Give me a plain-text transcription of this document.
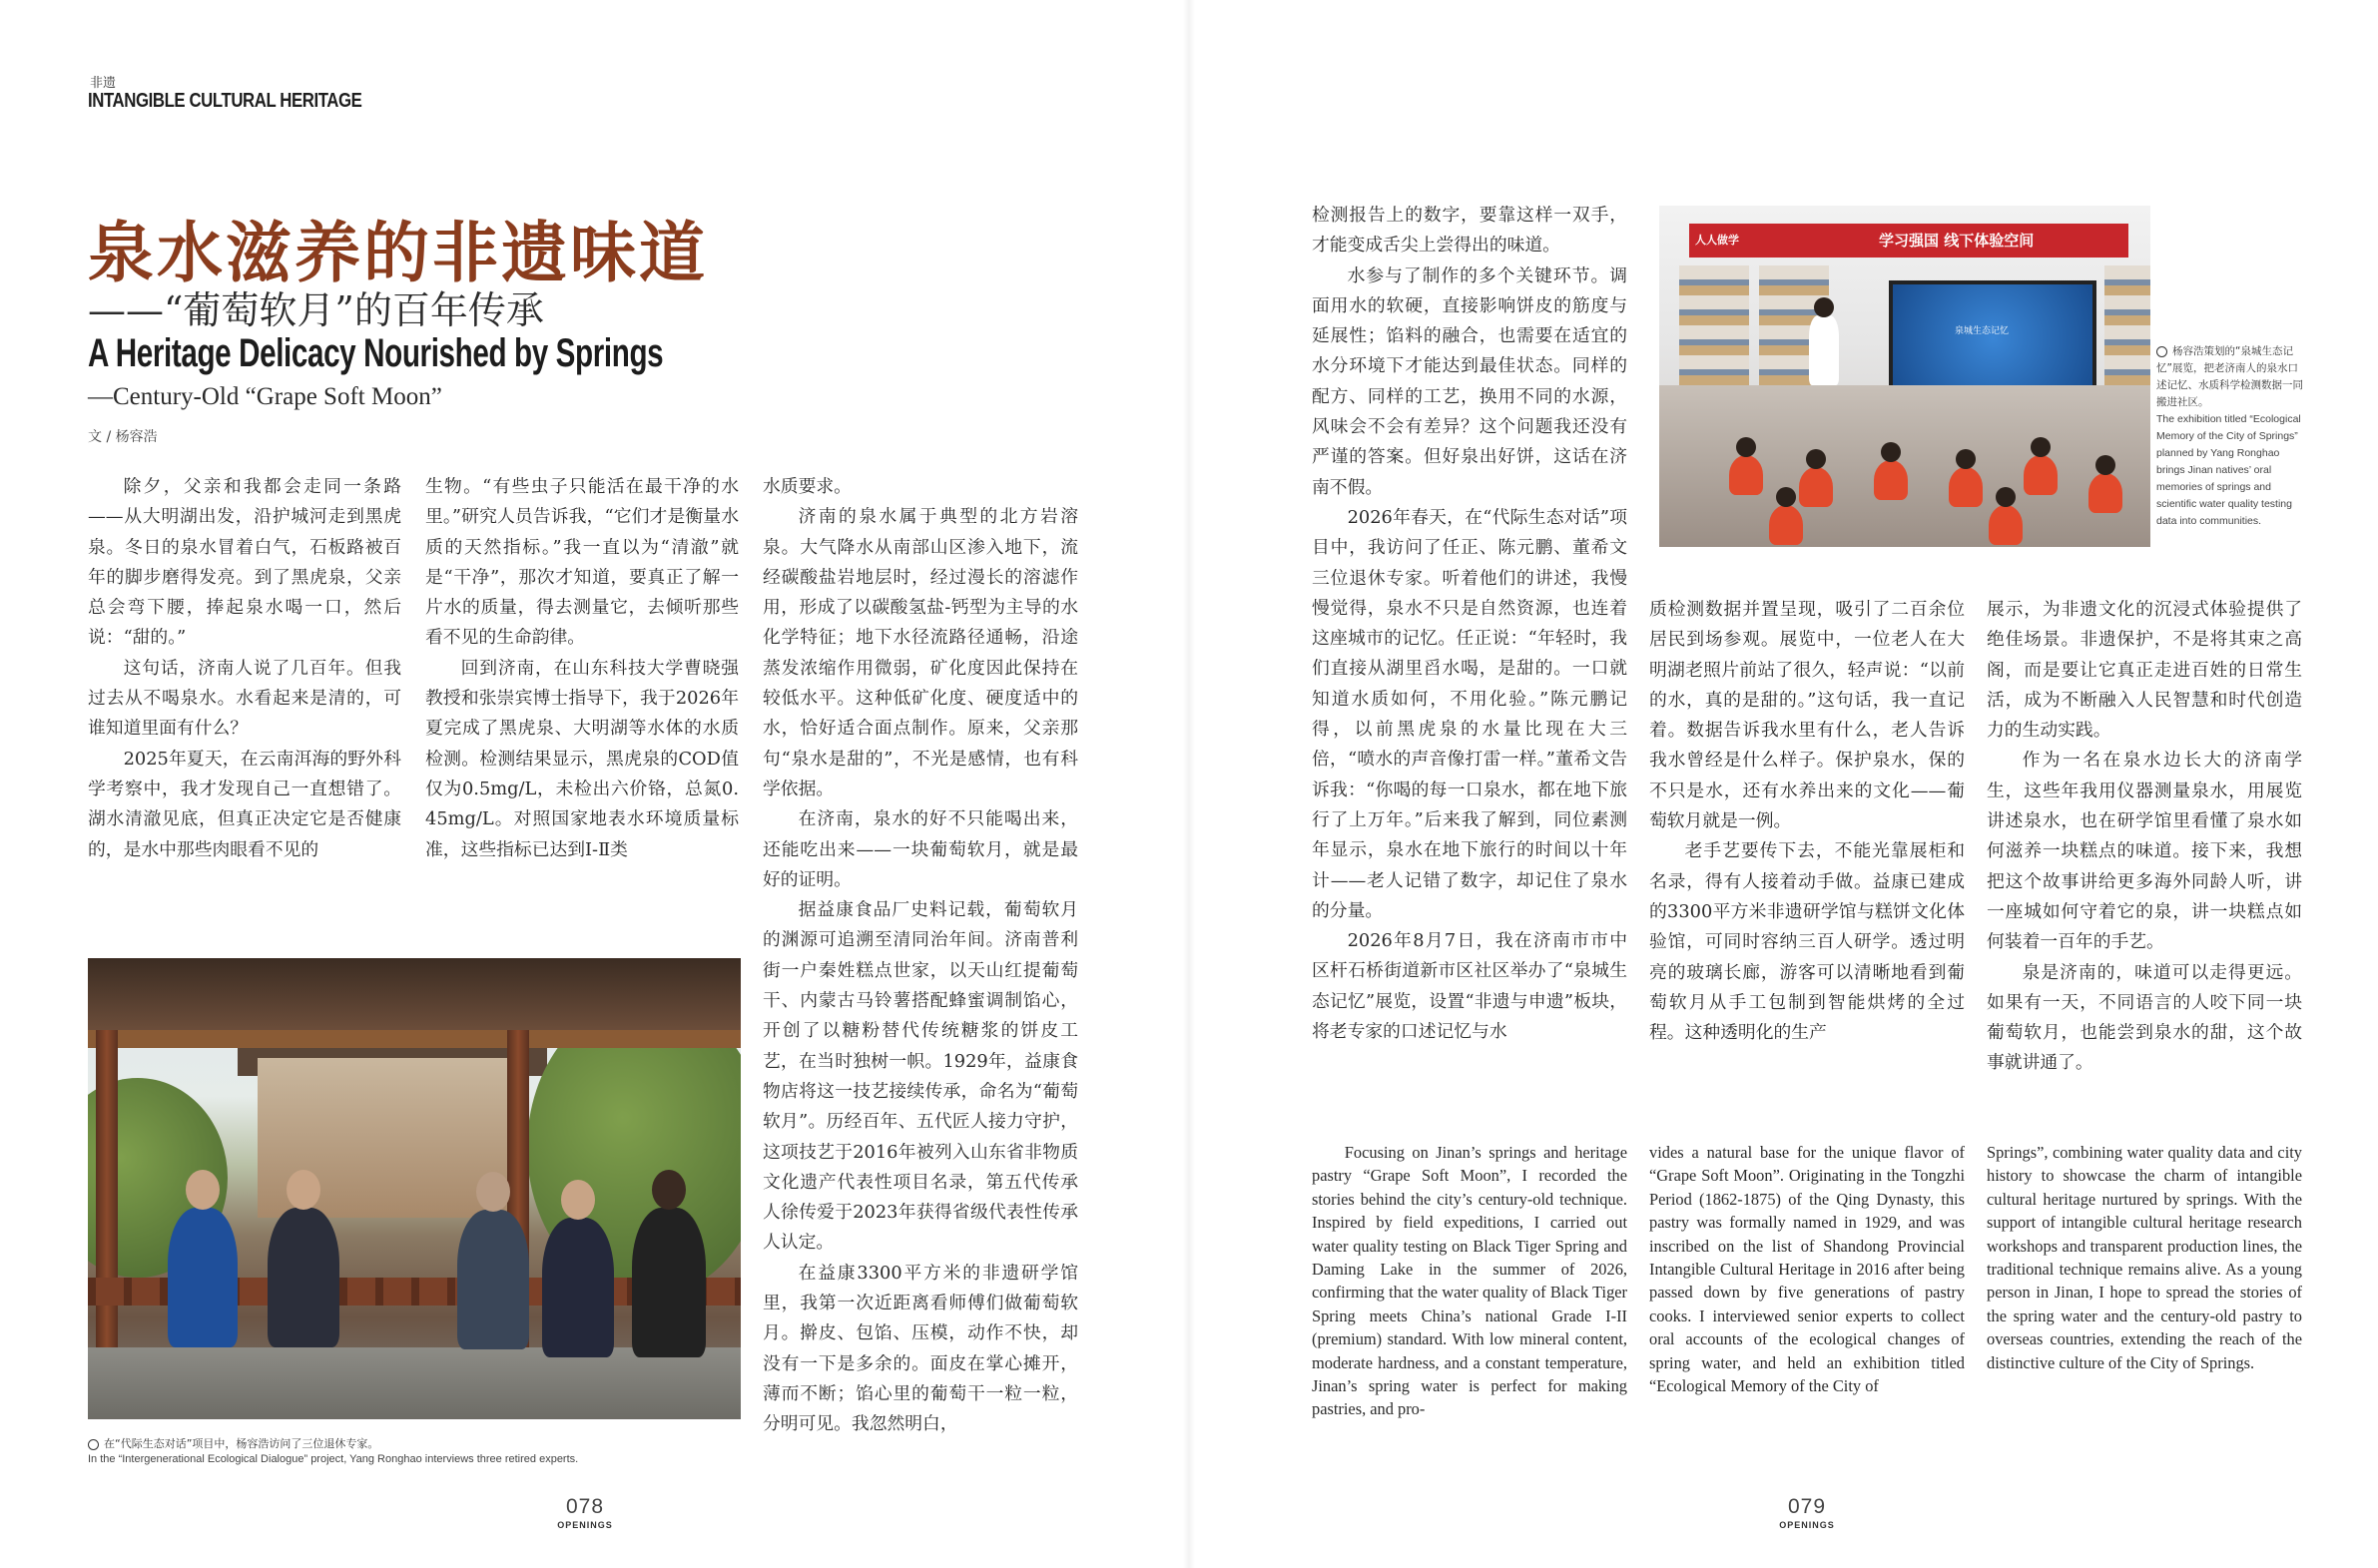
非遗
INTANGIBLE CULTURAL HERITAGE
泉水滋养的非遗味道
——“葡萄软月”的百年传承
A Heritage Delicacy Nourished by Springs
—Century-Old “Grape Soft Moon”
文 / 杨容浩

除夕，父亲和我都会走同一条路——从大明湖出发，沿护城河走到黑虎泉。冬日的泉水冒着白气，石板路被百年的脚步磨得发亮。到了黑虎泉，父亲总会弯下腰，捧起泉水喝一口，然后说：“甜的。”

这句话，济南人说了几百年。但我过去从不喝泉水。水看起来是清的，可谁知道里面有什么？

2025年夏天，在云南洱海的野外科学考察中，我才发现自己一直想错了。湖水清澈见底，但真正决定它是否健康的，是水中那些肉眼看不见的

生物。“有些虫子只能活在最干净的水里。”研究人员告诉我，“它们才是衡量水质的天然指标。”我一直以为“清澈”就是“干净”，那次才知道，要真正了解一片水的质量，得去测量它，去倾听那些看不见的生命韵律。

回到济南，在山东科技大学曹晓强教授和张崇宾博士指导下，我于2026年夏完成了黑虎泉、大明湖等水体的水质检测。检测结果显示，黑虎泉的COD值仅为0.5mg/L，未检出六价铬，总氮0.45mg/L。对照国家地表水环境质量标准，这些指标已达到Ⅰ-Ⅱ类

水质要求。

济南的泉水属于典型的北方岩溶泉。大气降水从南部山区渗入地下，流经碳酸盐岩地层时，经过漫长的溶滤作用，形成了以碳酸氢盐-钙型为主导的水化学特征；地下水径流路径通畅，沿途蒸发浓缩作用微弱，矿化度因此保持在较低水平。这种低矿化度、硬度适中的水，恰好适合面点制作。原来，父亲那句“泉水是甜的”，不光是感情，也有科学依据。

在济南，泉水的好不只能喝出来，还能吃出来——一块葡萄软月，就是最好的证明。

据益康食品厂史料记载，葡萄软月的渊源可追溯至清同治年间。济南普利街一户秦姓糕点世家，以天山红提葡萄干、内蒙古马铃薯搭配蜂蜜调制馅心，开创了以糖粉替代传统糖浆的饼皮工艺，在当时独树一帜。1929年，益康食物店将这一技艺接续传承，命名为“葡萄软月”。历经百年、五代匠人接力守护，这项技艺于2016年被列入山东省非物质文化遗产代表性项目名录，第五代传承人徐传爱于2023年获得省级代表性传承人认定。

在益康3300平方米的非遗研学馆里，我第一次近距离看师傅们做葡萄软月。擀皮、包馅、压模，动作不快，却没有一下是多余的。面皮在掌心摊开，薄而不断；馅心里的葡萄干一粒一粒，分明可见。我忽然明白，

检测报告上的数字，要靠这样一双手，才能变成舌尖上尝得出的味道。

水参与了制作的多个关键环节。调面用水的软硬，直接影响饼皮的筋度与延展性；馅料的融合，也需要在适宜的水分环境下才能达到最佳状态。同样的配方、同样的工艺，换用不同的水源，风味会不会有差异？这个问题我还没有严谨的答案。但好泉出好饼，这话在济南不假。

2026年春天，在“代际生态对话”项目中，我访问了任正、陈元鹏、董希文三位退休专家。听着他们的讲述，我慢慢觉得，泉水不只是自然资源，也连着这座城市的记忆。任正说：“年轻时，我们直接从湖里舀水喝，是甜的。一口就知道水质如何，不用化验。”陈元鹏记得，以前黑虎泉的水量比现在大三倍，“喷水的声音像打雷一样。”董希文告诉我：“你喝的每一口泉水，都在地下旅行了上万年。”后来我了解到，同位素测年显示，泉水在地下旅行的时间以十年计——老人记错了数字，却记住了泉水的分量。

2026年8月7日，我在济南市市中区杆石桥街道新市区社区举办了“泉城生态记忆”展览，设置“非遗与申遗”板块，将老专家的口述记忆与水

质检测数据并置呈现，吸引了二百余位居民到场参观。展览中，一位老人在大明湖老照片前站了很久，轻声说：“以前的水，真的是甜的。”这句话，我一直记着。数据告诉我水里有什么，老人告诉我水曾经是什么样子。保护泉水，保的不只是水，还有水养出来的文化——葡萄软月就是一例。

老手艺要传下去，不能光靠展柜和名录，得有人接着动手做。益康已建成的3300平方米非遗研学馆与糕饼文化体验馆，可同时容纳三百人研学。透过明亮的玻璃长廊，游客可以清晰地看到葡萄软月从手工包制到智能烘烤的全过程。这种透明化的生产

展示，为非遗文化的沉浸式体验提供了绝佳场景。非遗保护，不是将其束之高阁，而是要让它真正走进百姓的日常生活，成为不断融入人民智慧和时代创造力的生动实践。

作为一名在泉水边长大的济南学生，这些年我用仪器测量泉水，用展览讲述泉水，也在研学馆里看懂了泉水如何滋养一块糕点的味道。接下来，我想把这个故事讲给更多海外同龄人听，讲一座城如何守着它的泉，讲一块糕点如何装着一百年的手艺。

泉是济南的，味道可以走得更远。如果有一天，不同语言的人咬下同一块葡萄软月，也能尝到泉水的甜，这个故事就讲通了。

人人做学	学习强国 线下体验空间
泉城生态记忆
在“代际生态对话”项目中，杨容浩访问了三位退休专家。
In the “Intergenerational Ecological Dialogue” project, Yang Ronghao interviews three retired experts.
杨容浩策划的“泉城生态记忆”展览，把老济南人的泉水口述记忆、水质科学检测数据一同搬进社区。
The exhibition titled “Ecological Memory of the City of Springs” planned by Yang Ronghao brings Jinan natives’ oral memories of springs and scientific water quality testing data into communities.

Focusing on Jinan’s springs and heritage pastry “Grape Soft Moon”, I recorded the stories behind the city’s century-old technique. Inspired by field expeditions, I carried out water quality testing on Black Tiger Spring and Daming Lake in the summer of 2026, confirming that the water quality of Black Tiger Spring meets China’s national Grade I-II (premium) standard. With low mineral content, moderate hardness, and a constant temperature, Jinan’s spring water is perfect for making pastries, and pro-

vides a natural base for the unique flavor of “Grape Soft Moon”. Originating in the Tongzhi Period (1862-1875) of the Qing Dynasty, this pastry was formally named in 1929, and was inscribed on the list of Shandong Provincial Intangible Cultural Heritage in 2016 after being passed down by five generations of pastry cooks. I interviewed senior experts to collect oral accounts of the ecological changes of spring water, and held an exhibition titled “Ecological Memory of the City of

Springs”, combining water quality data and city history to showcase the charm of intangible cultural heritage nurtured by springs. With the support of intangible cultural heritage research workshops and transparent production lines, the traditional technique remains alive. As a young person in Jinan, I hope to spread the stories of the spring water and the century-old pastry to overseas countries, extending the reach of the distinctive culture of the City of Springs.

078
OPENINGS
079
OPENINGS
